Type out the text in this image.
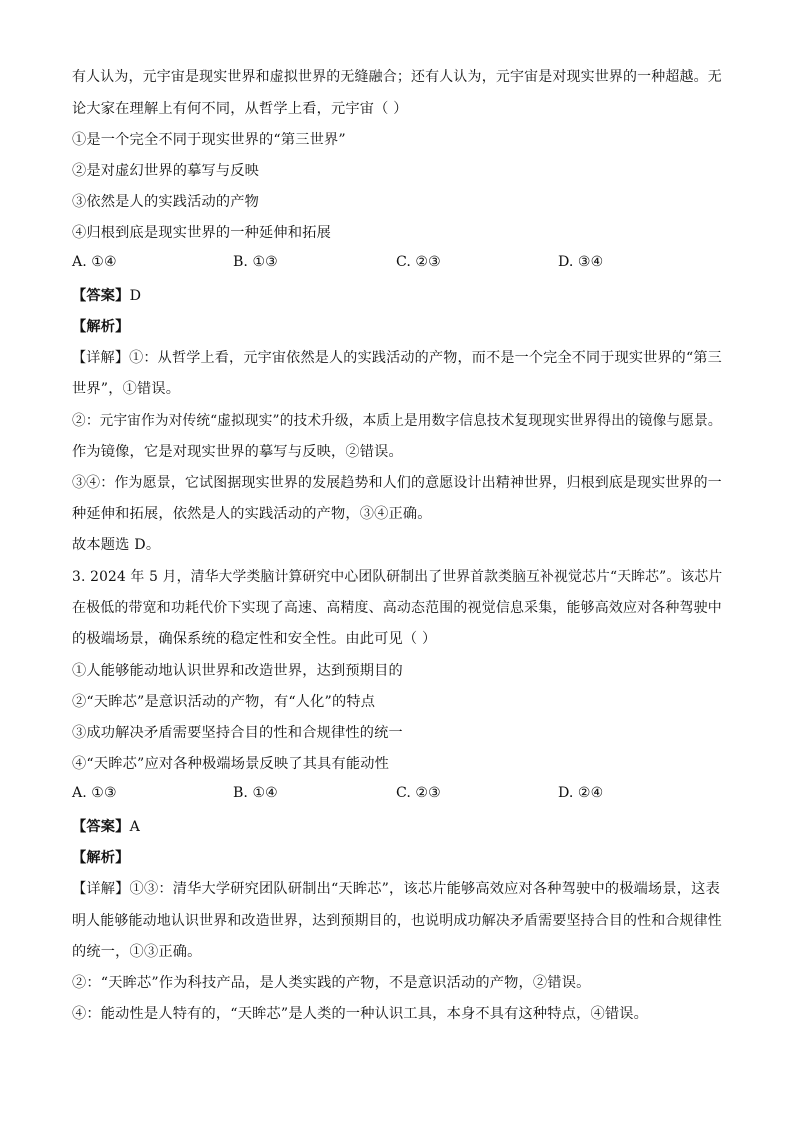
有人认为，元宇宙是现实世界和虚拟世界的无缝融合；还有人认为，元宇宙是对现实世界的一种超越。无
论大家在理解上有何不同，从哲学上看，元宇宙（ ）
①是一个完全不同于现实世界的“第三世界”
②是对虚幻世界的摹写与反映
③依然是人的实践活动的产物
④归根到底是现实世界的一种延伸和拓展
A. ①④	B. ①③	C. ②③	D. ③④
【答案】D
【解析】
【详解】①：从哲学上看，元宇宙依然是人的实践活动的产物，而不是一个完全不同于现实世界的“第三
世界”，①错误。
②：元宇宙作为对传统“虚拟现实”的技术升级，本质上是用数字信息技术复现现实世界得出的镜像与愿景。
作为镜像，它是对现实世界的摹写与反映，②错误。
③④：作为愿景，它试图据现实世界的发展趋势和人们的意愿设计出精神世界，归根到底是现实世界的一
种延伸和拓展，依然是人的实践活动的产物，③④正确。
故本题选 D。
3. 2024 年 5 月，清华大学类脑计算研究中心团队研制出了世界首款类脑互补视觉芯片“天眸芯”。该芯片
在极低的带宽和功耗代价下实现了高速、高精度、高动态范围的视觉信息采集，能够高效应对各种驾驶中
的极端场景，确保系统的稳定性和安全性。由此可见（ ）
①人能够能动地认识世界和改造世界，达到预期目的
②“天眸芯”是意识活动的产物，有“人化”的特点
③成功解决矛盾需要坚持合目的性和合规律性的统一
④“天眸芯”应对各种极端场景反映了其具有能动性
A. ①③	B. ①④	C. ②③	D. ②④
【答案】A
【解析】
【详解】①③：清华大学研究团队研制出“天眸芯”，该芯片能够高效应对各种驾驶中的极端场景，这表
明人能够能动地认识世界和改造世界，达到预期目的，也说明成功解决矛盾需要坚持合目的性和合规律性
的统一，①③正确。
②：“天眸芯”作为科技产品，是人类实践的产物，不是意识活动的产物，②错误。
④：能动性是人特有的，“天眸芯”是人类的一种认识工具，本身不具有这种特点，④错误。
